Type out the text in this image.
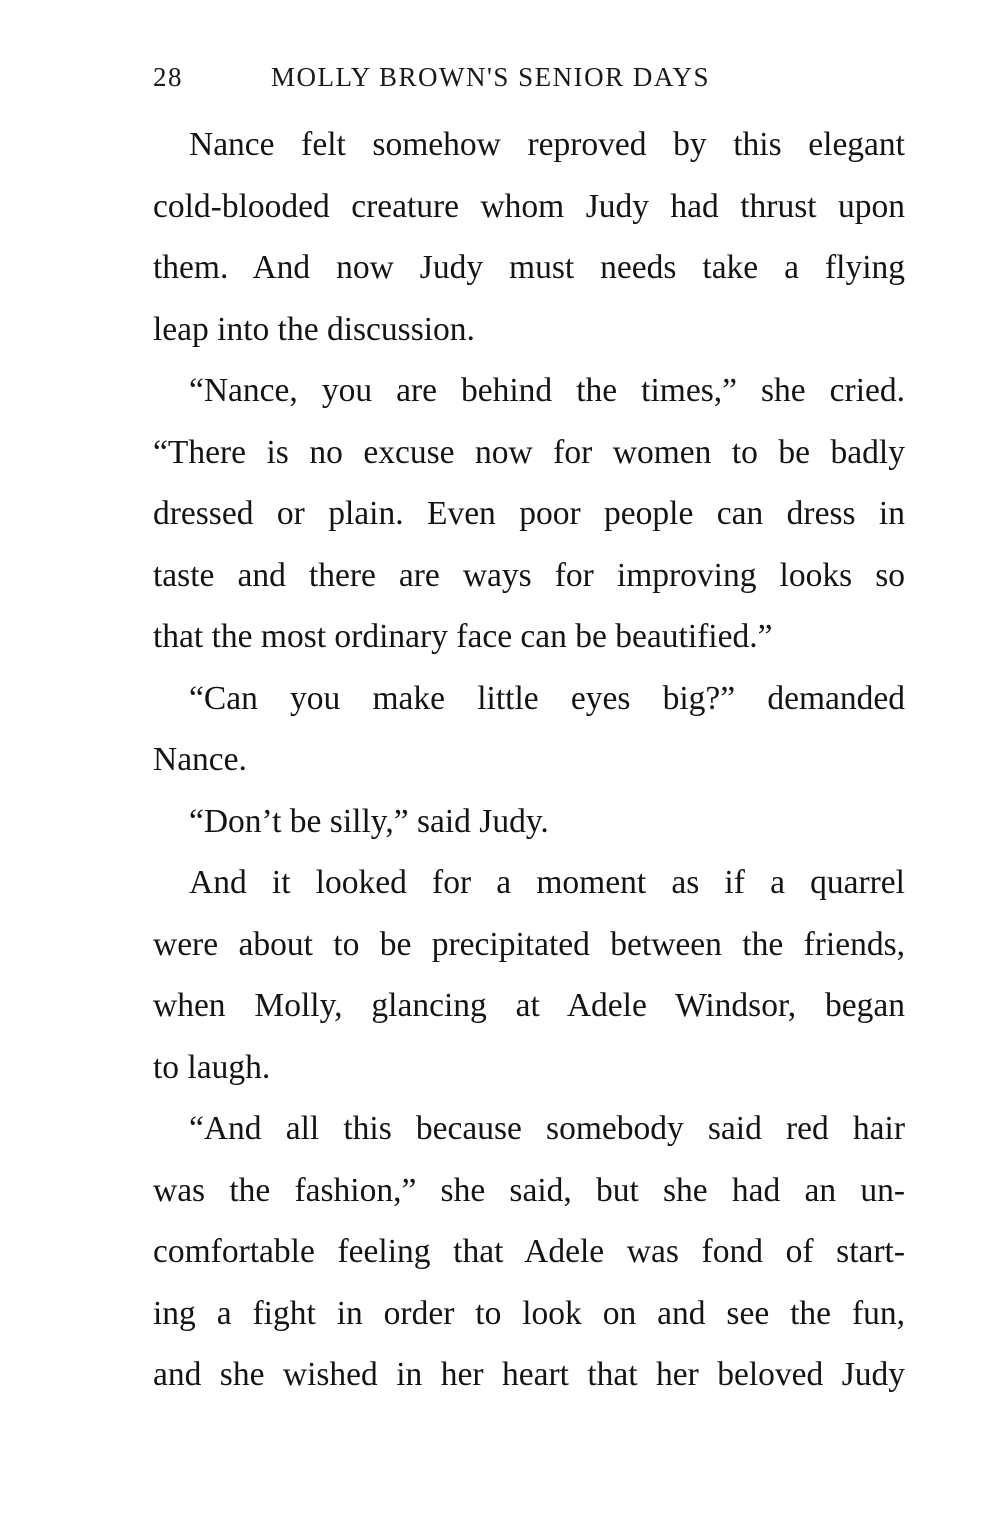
28	MOLLY BROWN'S SENIOR DAYS
Nance felt somehow reproved by this elegant
cold-blooded creature whom Judy had thrust upon
them. And now Judy must needs take a flying
leap into the discussion.
“Nance, you are behind the times,” she cried.
“There is no excuse now for women to be badly
dressed or plain. Even poor people can dress in
taste and there are ways for improving looks so
that the most ordinary face can be beautified.”
“Can you make little eyes big?” demanded
Nance.
“Don’t be silly,” said Judy.
And it looked for a moment as if a quarrel
were about to be precipitated between the friends,
when Molly, glancing at Adele Windsor, began
to laugh.
“And all this because somebody said red hair
was the fashion,” she said, but she had an un-
comfortable feeling that Adele was fond of start-
ing a fight in order to look on and see the fun,
and she wished in her heart that her beloved Judy
